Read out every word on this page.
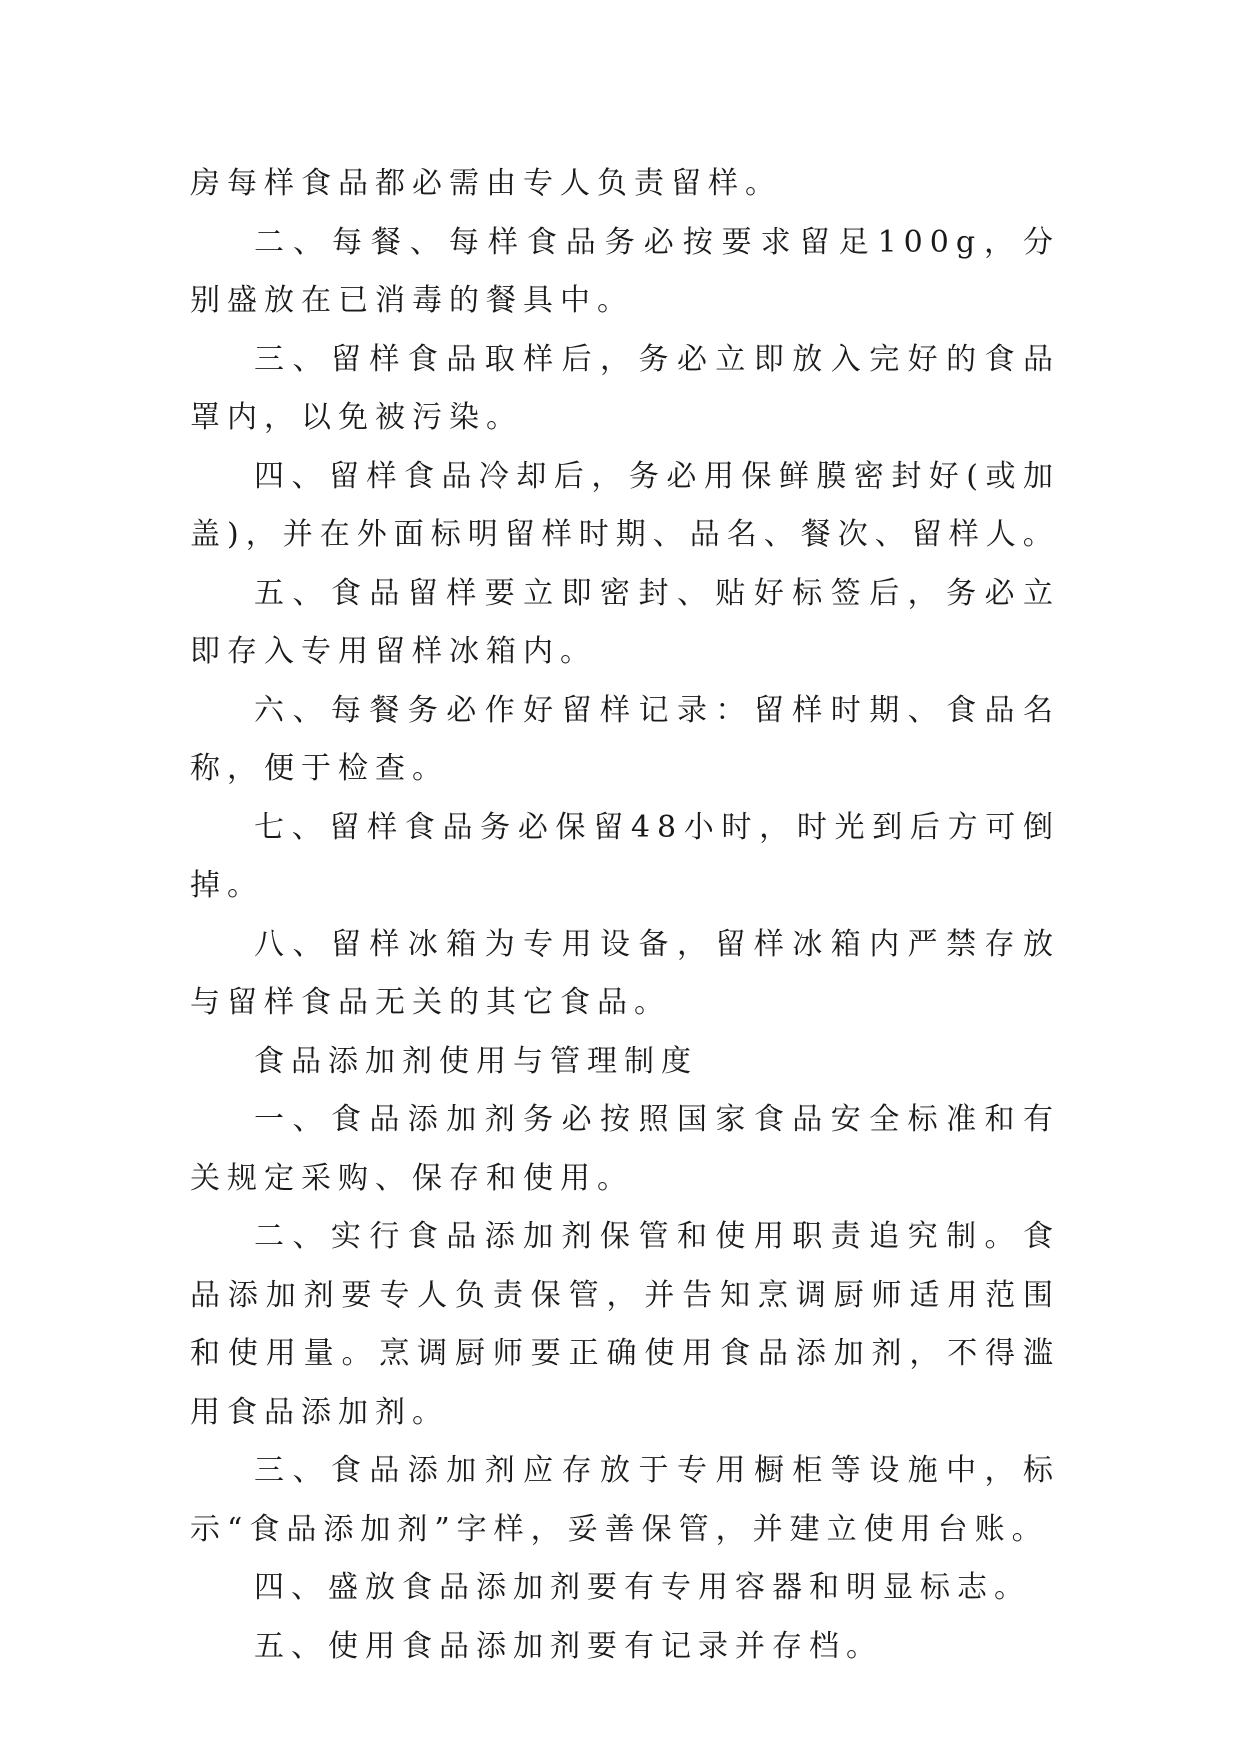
房每样食品都必需由专人负责留样。

二、每餐、每样食品务必按要求留足100g，分别盛放在已消毒的餐具中。

三、留样食品取样后，务必立即放入完好的食品罩内，以免被污染。

四、留样食品冷却后，务必用保鲜膜密封好(或加盖)，并在外面标明留样时期、品名、餐次、留样人。

五、食品留样要立即密封、贴好标签后，务必立即存入专用留样冰箱内。

六、每餐务必作好留样记录：留样时期、食品名称，便于检查。

七、留样食品务必保留48小时，时光到后方可倒掉。

八、留样冰箱为专用设备，留样冰箱内严禁存放与留样食品无关的其它食品。

食品添加剂使用与管理制度

一、食品添加剂务必按照国家食品安全标准和有关规定采购、保存和使用。

二、实行食品添加剂保管和使用职责追究制。食品添加剂要专人负责保管，并告知烹调厨师适用范围和使用量。烹调厨师要正确使用食品添加剂，不得滥用食品添加剂。

三、食品添加剂应存放于专用橱柜等设施中，标示“食品添加剂”字样，妥善保管，并建立使用台账。

四、盛放食品添加剂要有专用容器和明显标志。

五、使用食品添加剂要有记录并存档。
